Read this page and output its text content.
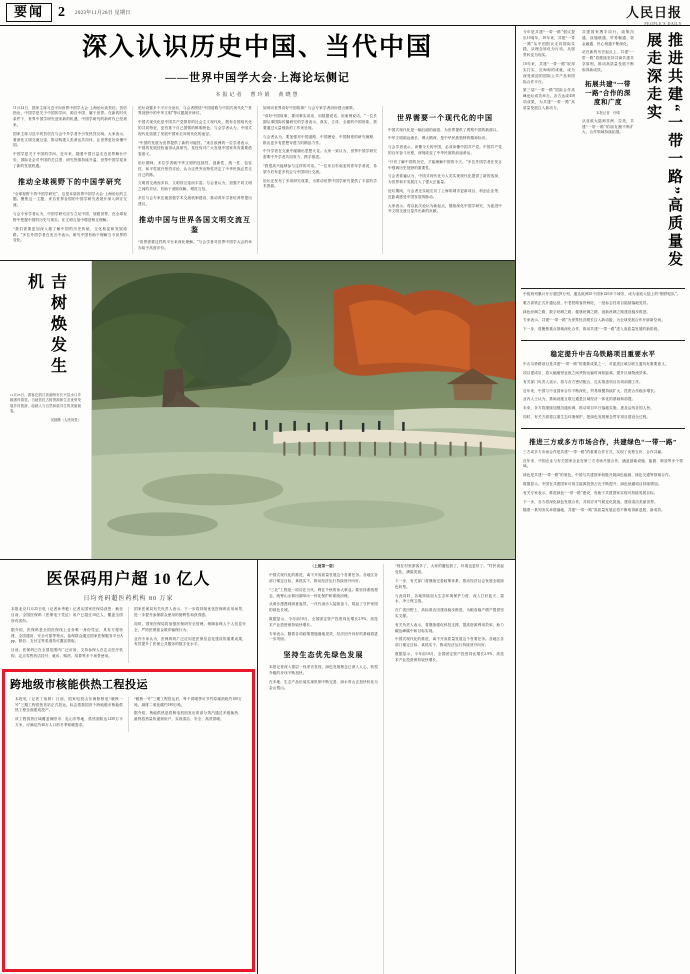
要闻	2 2023年11月26日 星期日	人民日报
PEOPLE'S DAILY
深入认识历史中国、当代中国
——世界中国学大会·上海论坛侧记
本报记者　曹玲娟　黄晓慧

11月24日，国家主席习近平向世界中国学大会·上海论坛致贺信。贺信指出，中国学是关于中国的学问，源自中国、属于世界。在新的时代条件下，世界中国学研究迎来新的机遇，中国学研究的新时代已经到来。

国家主席习近平的贺信在与会中外学者中引发热烈反响。大家表示，要深化文明交流互鉴，推动构建人类命运共同体，让世界更好读懂中国。

中国学是关于中国的学问。近年来，随着中国日益走近世界舞台中央，国际社会对中国的关注度、研究热情持续升温，世界中国学迎来了新的发展机遇。

推动全球视野下的中国学研究

“全球视野下的中国学研究”，这是本届世界中国学大会·上海论坛的主题。聚焦这一主题，来自世界各国的中国学研究者展开深入研讨交流。

与会专家学者认为，中国学研究应当立足中国、放眼世界，在全球视野中把握中国的历史与现实，在文明互鉴中增进相互理解。

“我们需要更加深入地了解中国的历史传统、文化积淀和发展道路。”多位外国学者在发言中表示，研究中国有助于理解当今世界的变化。

论坛设置多个平行分论坛，与会者围绕“中国道路与中国式现代化”“世界视野中的中华文明”等议题展开研讨。

中国式现代化是中国共产党领导的社会主义现代化，既有各国现代化的共同特征，更有基于自己国情的鲜明特色。与会学者认为，中国式现代化拓展了发展中国家走向现代化的途径。

“中国的发展为世界提供了新的可能性。”来自欧洲的一位学者表示，中国的发展经验值得认真研究，其经验对广大发展中国家具有重要借鉴意义。

论坛期间，多位学者就中华文明的连续性、创新性、统一性、包容性、和平性展开热烈讨论，认为这些突出特性决定了中华民族必然走自己的路。

文明因交流而多彩，文明因互鉴而丰富。与会者认为，加强不同文明之间的对话，有助于消除误解、增进互信。

多位与会专家还就加强学术交流机制建设、推动青年学者培养等提出建议。

推动中国与世界各国文明交流互鉴

“世界需要这样的平台来深化理解。”与会学者对世界中国学大会的举办给予高度评价。

如何向世界讲好中国故事？与会专家学者纷纷建言献策。

“讲好中国故事，要用事实说话、用数据说话、用案例说话。”一位长期从事国际传播研究的学者表示，真实、立体、全面的中国形象，需要通过大量细致的工作来呈现。

与会者认为，要加强对中国道路、中国理论、中国制度的研究阐释，推出更多有思想穿透力的精品力作。

中外学者在交流中碰撞出思想火花。大家一致认为，世界中国学研究需要中外学者共同努力、携手推进。

“我很高兴能够参与这样的对话。”一位来自东南亚的青年学者说，希望今后有更多机会与中国同行交流。

论坛还发布了多项研究成果，为推动世界中国学研究提供了丰富的学术资源。

世界需要一个现代化的中国

中国式现代化是一幅壮丽的画卷，为世界提供了观察中国的新窗口。

中华文明源远流长、博大精深，是中华民族独特的精神标识。

与会学者表示，读懂今天的中国，必须读懂中国共产党。中国共产党的百年奋斗历程，深刻改变了中华民族的前途命运。

“只有了解中国的历史，才能理解中国的今天。”多位外国学者在发言中强调历史视野的重要性。

与会者普遍认为，中国式现代化为人类实现现代化提供了新的选择，为世界和平发展注入了强大正能量。

论坛期间，与会者还实地走访了上海的城市更新项目、科创企业等，近距离感受中国发展的脉动。

大家表示，将以此次论坛为新起点，继续深化中国学研究，为促进中外文明交流互鉴作出新的贡献。

吉树焕发生机
11月25日，游客在浙江省湖州市长兴县水口乡顾渚村游览。当地依托古树资源和生态优势发展乡村旅游，绘就人与自然和谐共生的美丽画卷。
吴拯摄（人民视觉）
医保码用户超 10 亿人
日均亮码超医药机构 80 万家

本报北京11月25日电（记者孙秀艳）记者从国家医保局获悉：截至目前，全国医保码（医保电子凭证）用户已超过10亿人，覆盖全国所有省份。

据介绍，医保码是全国医保线上业务唯一身份凭证，具有方便快捷、全国通用、安全可靠等特点。参保群众通过国家医保服务平台App、微信、支付宝等渠道均可激活领取。

目前，医保码已在全国范围内广泛应用，支持参保人在定点医疗机构、定点零售药店挂号、就诊、购药、结算等多个场景使用。

国家医保局有关负责人表示，下一步将持续优化医保码应用场景，进一步提升参保群众使用的便利性和获得感。

同时，国家医保局将加强医保码安全管理，保障参保人个人信息安全，严防医保基金欺诈骗保行为。

业内专家认为，医保码的广泛应用是医保信息化建设的重要成果，有效提升了医保公共服务的数字化水平。

跨地级市核能供热工程投运

本报电（记者丁怡婷）日前，国家电投山东海阳核电“暖核一号”三期工程供热首站正式投运，标志着我国首个跨地级市核能供热工程全面建成投产。

该工程供热区域覆盖海阳市、乳山市等地，供热面积达1250万平方米，可满足约40万人口的冬季取暖需求。

“暖核一号”三期工程投运后，每个供暖季可节约原煤消耗约100万吨，减排二氧化碳约180万吨。

据介绍，核能供热是将核电机组发出的部分蒸汽通过多级换热，最终将热量传递到用户，实现清洁、安全、高效供暖。

（上接第一版）

中国式现代化的推进，离不开高质量发展这个首要任务。各地区各部门锚定目标，真抓实干，推动经济运行持续回升向好。

“三北”工程是一项功在当代、利在千秋的伟大事业。要坚持系统观念，统筹山水林田湖草沙一体化保护和系统治理。

从黄沙漫漫到绿意盎然，一代代治沙人接续奋斗，筑起了守护家园的绿色长城。

数据显示，今年前10月，全国固定资产投资同比增长2.9%，高技术产业投资保持较快增长。

专家表示，随着各项政策措施落地见效，经济回升向好的基础将进一步巩固。

坚持生态优先绿色发展

本报记者深入基层一线采访发现，绿色发展理念已深入人心，转型升级的步伐不断加快。

在多地，生态产品价值实现机制不断完善，绿水青山正加快转化为金山银山。

“现在村里游客多了，大家的腰包鼓了，环境也更好了。”村民说起变化，满脸笑意。

下一步，有关部门将继续完善政策体系，推动经济社会发展全面绿色转型。

与此同时，各地持续加大生态环境保护力度，深入打好蓝天、碧水、净土保卫战。

在广袤田野上，高标准农田建设稳步推进，为粮食稳产增产提供坚实支撑。

有关负责人表示，将继续强化科技支撑，提高资源利用效率，助力碳达峰碳中和目标实现。

中国式现代化的推进，离不开高质量发展这个首要任务。各地区各部门锚定目标，真抓实干，推动经济运行持续回升向好。

数据显示，今年前10月，全国固定资产投资同比增长2.9%，高技术产业投资保持较快增长。

推进共建“一带一路”高质量发展走深走实

今年是共建“一带一路”倡议提出10周年。10年来，共建“一带一路”从中国倡议走向国际实践，从理念转化为行动，从愿景转变为现实。

10年来，共建“一带一路”取得实打实、沉甸甸的成就，成为深受欢迎的国际公共产品和国际合作平台。

第三届“一带一路”国际合作高峰论坛成功举办，各方达成458项成果，为共建“一带一路”高质量发展注入新动力。

共建国家携手同行，政策沟通、设施联通、贸易畅通、资金融通、民心相通不断深化。

站在新的历史起点上，共建“一带一路”将继续坚持共商共建共享原则，推动高质量发展不断取得新成效。

拓展共建“一带一路”合作的深度和广度
本报记者　许晴

从亚欧大陆到非洲、拉美，共建“一带一路”的朋友圈不断扩大，合作领域持续拓展。

中欧班列累计开行超过8万列，通达欧洲25个国家220多个城市，成为亚欧大陆上的“钢铁驼队”。

雅万高铁正式开通运营，中老铁路客货两旺，一批标志性项目陆续落地见效。

绿色丝绸之路、数字丝绸之路、健康丝绸之路、创新丝绸之路建设稳步推进。

专家表示，共建“一带一路”为世界经济增长注入新动能，为全球发展合作开辟新空间。

下一步，将聚焦重点领域深化合作，推动共建“一带一路”进入高质量发展的新阶段。

稳定提升中吉乌铁路项目重要水平

中吉乌铁路项目是共建“一带一路”的重要成果之一，对促进区域互联互通具有重要意义。

项目建成后，将大幅缩短亚欧之间货物运输时间和距离，提升区域物流效率。

有关部门负责人表示，将与各方密切配合，扎实推进项目各项前期工作。

近年来，中国与中亚国家合作不断深化，贸易规模持续扩大，投资合作稳步增长。

业内人士认为，基础设施互联互通是区域经济一体化的基础和前提。

未来，各方将继续加强沟通协调，推动项目早日落地实施，惠及沿线各国人民。

同时，有关方面将注重生态环境保护，把绿色发展理念贯穿项目建设全过程。

推进三方或多方市场合作，共建绿色“一带一路”

三方或多方市场合作是共建“一带一路”的重要合作方式，实现了优势互补、合作共赢。

近年来，中国企业与有关国家企业在第三方市场开展合作，涵盖基础设施、能源、制造等多个领域。

绿色是共建“一带一路”的底色。中国与共建国家积极开展绿色能源、绿色交通等领域合作。

数据显示，中国在共建国家可再生能源投资占比不断提升，绿色低碳项目持续增加。

有关专家表示，推进绿色“一带一路”建设，有助于共建国家实现可持续发展目标。

下一步，各方将深化绿色发展合作，共同应对气候变化挑战，建设清洁美丽世界。

随着一系列务实举措落地，共建“一带一路”高质量发展必将不断取得新进展、新成效。
